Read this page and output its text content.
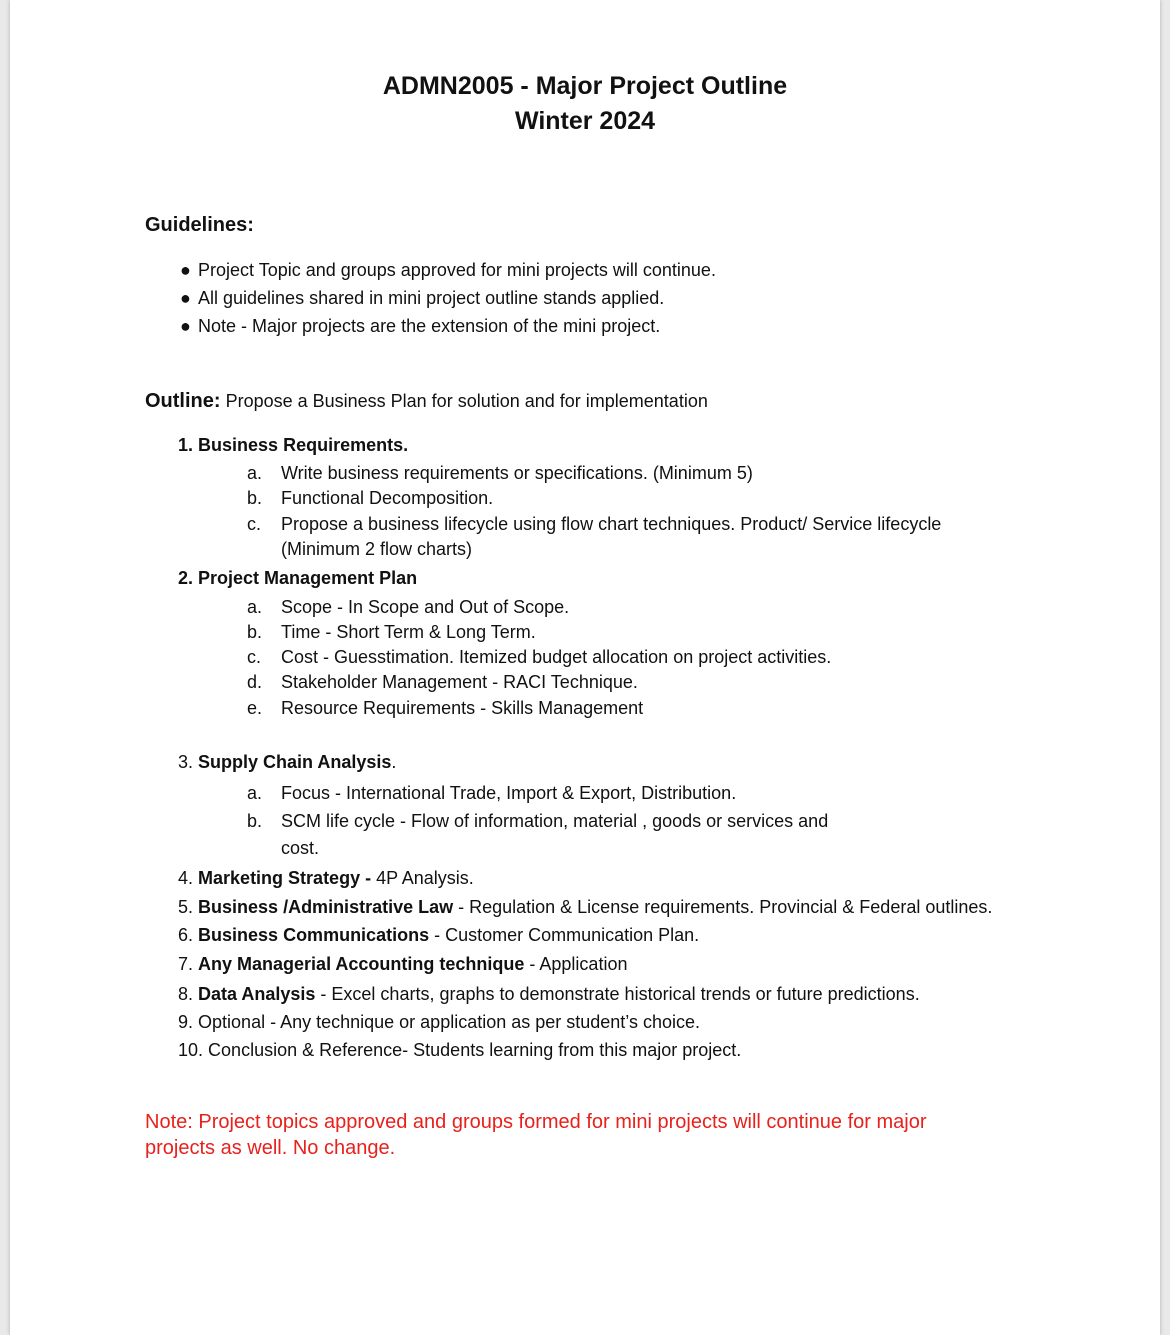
ADMN2005 - Major Project Outline
Winter 2024
Guidelines:
● Project Topic and groups approved for mini projects will continue.
● All guidelines shared in mini project outline stands applied.
● Note - Major projects are the extension of the mini project.
Outline: Propose a Business Plan for solution and for implementation
1. Business Requirements.
a. Write business requirements or specifications. (Minimum 5)
b. Functional Decomposition.
c. Propose a business lifecycle using flow chart techniques. Product/ Service lifecycle
(Minimum 2 flow charts)
2. Project Management Plan
a. Scope - In Scope and Out of Scope.
b. Time - Short Term & Long Term.
c. Cost - Guesstimation. Itemized budget allocation on project activities.
d. Stakeholder Management - RACI Technique.
e. Resource Requirements - Skills Management
3. Supply Chain Analysis.
a. Focus - International Trade, Import & Export, Distribution.
b. SCM life cycle - Flow of information, material , goods or services and
cost.
4. Marketing Strategy - 4P Analysis.
5. Business /Administrative Law - Regulation & License requirements. Provincial & Federal outlines.
6. Business Communications - Customer Communication Plan.
7. Any Managerial Accounting technique - Application
8. Data Analysis - Excel charts, graphs to demonstrate historical trends or future predictions.
9. Optional - Any technique or application as per student’s choice.
10. Conclusion & Reference- Students learning from this major project.
Note: Project topics approved and groups formed for mini projects will continue for major
projects as well. No change.
